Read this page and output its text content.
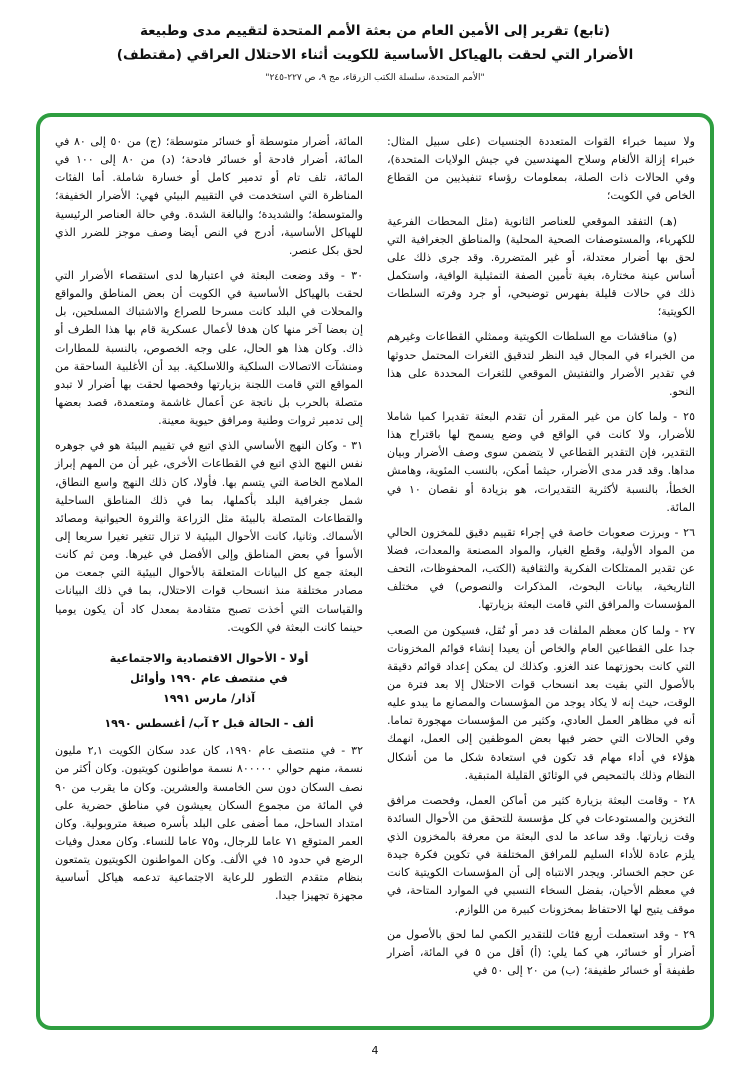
(تابع) تقرير إلى الأمين العام من بعثة الأمم المتحدة لتقييم مدى وطبيعة
الأضرار التي لحقت بالهياكل الأساسية للكويت أثناء الاحتلال العراقي (مقتطف)
"الأمم المتحدة، سلسلة الكتب الزرقاء، مج ٩، ص ٢٢٧-٢٤٥"

ولا سيما خبراء القوات المتعددة الجنسيات (على سبيل المثال: خبراء إزالة الألغام وسلاح المهندسين في جيش الولايات المتحدة)، وفي الحالات ذات الصلة، بمعلومات رؤساء تنفيذيين من القطاع الخاص في الكويت؛

(هـ) التفقد الموقعي للعناصر الثانوية (مثل المحطات الفرعية للكهرباء، والمستوصفات الصحية المحلية) والمناطق الجغرافية التي لحق بها أضرار معتدلة، أو غير المتضررة. وقد جرى ذلك على أساس عينة مختارة، بغية تأمين الصفة التمثيلية الوافية، واستكمل ذلك في حالات قليلة بفهرس توضيحي، أو جرد وفرته السلطات الكويتية؛

(و) مناقشات مع السلطات الكويتية وممثلي القطاعات وغيرهم من الخبراء في المجال قيد النظر لتدقيق الثغرات المحتمل حدوثها في تقدير الأضرار والتفتيش الموقعي للثغرات المحددة على هذا النحو.

٢٥ - ولما كان من غير المقرر أن تقدم البعثة تقديرا كميا شاملا للأضرار، ولا كانت في الواقع في وضع يسمح لها باقتراح هذا التقدير، فإن التقدير القطاعي لا يتضمن سوى وصف الأضرار وبيان مداها. وقد قدر مدى الأضرار، حيثما أمكن، بالنسب المئوية، وهامش الخطأ، بالنسبة لأكثرية التقديرات، هو بزيادة أو نقصان ١٠ في المائة.

٢٦ - وبرزت صعوبات خاصة في إجراء تقييم دقيق للمخزون الحالي من المواد الأولية، وقطع الغيار، والمواد المصنعة والمعدات، فضلا عن تقدير الممتلكات الفكرية والثقافية (الكتب، المحفوظات، التحف التاريخية، بيانات البحوث، المذكرات والنصوص) في مختلف المؤسسات والمرافق التي قامت البعثة بزيارتها.

٢٧ - ولما كان معظم الملفات قد دمر أو نُقل، فسيكون من الصعب جدا على القطاعين العام والخاص أن يعيدا إنشاء قوائم المخزونات التي كانت بحوزتهما عند الغزو. وكذلك لن يمكن إعداد قوائم دقيقة بالأصول التي بقيت بعد انسحاب قوات الاحتلال إلا بعد فترة من الوقت، حيث إنه لا يكاد يوجد من المؤسسات والمصانع ما يبدو عليه أنه في مظاهر العمل العادي، وكثير من المؤسسات مهجورة تماما. وفي الحالات التي حضر فيها بعض الموظفين إلى العمل، انهمك هؤلاء في أداء مهام قد تكون في استعادة شكل ما من أشكال النظام وذلك بالتمحيص في الوثائق القليلة المتبقية.

٢٨ - وقامت البعثة بزيارة كثير من أماكن العمل، وفحصت مرافق التخزين والمستودعات في كل مؤسسة للتحقق من الأحوال السائدة وقت زيارتها. وقد ساعد ما لدى البعثة من معرفة بالمخزون الذي يلزم عادة للأداء السليم للمرافق المختلفة في تكوين فكرة جيدة عن حجم الخسائر. ويجدر الانتباه إلى أن المؤسسات الكويتية كانت في معظم الأحيان، بفضل السخاء النسبي في الموارد المتاحة، في موقف يتيح لها الاحتفاظ بمخزونات كبيرة من اللوازم.

٢٩ - وقد استعملت أربع فئات للتقدير الكمي لما لحق بالأصول من أضرار أو خسائر، هي كما يلي: (أ) أقل من ٥ في المائة، أضرار طفيفة أو خسائر طفيفة؛ (ب) من ٢٠ إلى ٥٠ في

المائة، أضرار متوسطة أو خسائر متوسطة؛ (ج) من ٥٠ إلى ٨٠ في المائة، أضرار فادحة أو خسائر فادحة؛ (د) من ٨٠ إلى ١٠٠ في المائة، تلف تام أو تدمير كامل أو خسارة شاملة. أما الفئات المناظرة التي استخدمت في التقييم البيئي فهي: الأضرار الخفيفة؛ والمتوسطة؛ والشديدة؛ والبالغة الشدة. وفي حالة العناصر الرئيسية للهياكل الأساسية، أدرج في النص أيضا وصف موجز للضرر الذي لحق بكل عنصر.

٣٠ - وقد وضعت البعثة في اعتبارها لدى استقصاء الأضرار التي لحقت بالهياكل الأساسية في الكويت أن بعض المناطق والمواقع والمحلات في البلد كانت مسرحا للصراع والاشتباك المسلحين، بل إن بعضا آخر منها كان هدفا لأعمال عسكرية قام بها هذا الطرف أو ذاك. وكان هذا هو الحال، على وجه الخصوص، بالنسبة للمطارات ومنشآت الاتصالات السلكية واللاسلكية. بيد أن الأغلبية الساحقة من المواقع التي قامت اللجنة بزيارتها وفحصها لحقت بها أضرار لا تبدو متصلة بالحرب بل ناتجة عن أعمال غاشمة ومتعمدة، قصد بعضها إلى تدمير ثروات وطنية ومرافق حيوية معينة.

٣١ - وكان النهج الأساسي الذي اتبع في تقييم البيئة هو في جوهره نفس النهج الذي اتبع في القطاعات الأخرى، غير أن من المهم إبراز الملامح الخاصة التي يتسم بها. فأولا، كان ذلك النهج واسع النطاق، شمل جغرافية البلد بأكملها، بما في ذلك المناطق الساحلية والقطاعات المتصلة بالبيئة مثل الزراعة والثروة الحيوانية ومصائد الأسماك. وثانيا، كانت الأحوال البيئية لا تزال تتغير تغيرا سريعا إلى الأسوأ في بعض المناطق وإلى الأفضل في غيرها. ومن ثم كانت البعثة جمع كل البيانات المتعلقة بالأحوال البيئية التي جمعت من مصادر مختلفة منذ انسحاب قوات الاحتلال، بما في ذلك البيانات والقياسات التي أخذت تصبح متقادمة بمعدل كاد أن يكون يوميا حينما كانت البعثة في الكويت.

أولا - الأحوال الاقتصادية والاجتماعية
في منتصف عام ١٩٩٠ وأوائل
آذار/ مارس ١٩٩١
ألف - الحالة قبل ٢ آب/ أغسطس ١٩٩٠

٣٢ - في منتصف عام ١٩٩٠، كان عدد سكان الكويت ٢,١ مليون نسمة، منهم حوالي ٨٠٠٠٠٠ نسمة مواطنون كويتيون. وكان أكثر من نصف السكان دون سن الخامسة والعشرين. وكان ما يقرب من ٩٠ في المائة من مجموع السكان يعيشون في مناطق حضرية على امتداد الساحل، مما أضفى على البلد بأسره صبغة متروبولية. وكان العمر المتوقع ٧١ عاما للرجال، و٧٥ عاما للنساء. وكان معدل وفيات الرضع في حدود ١٥ في الألف. وكان المواطنون الكويتيون يتمتعون بنظام متقدم التطور للرعاية الاجتماعية تدعمه هياكل أساسية مجهزة تجهيزا جيدا.

4
